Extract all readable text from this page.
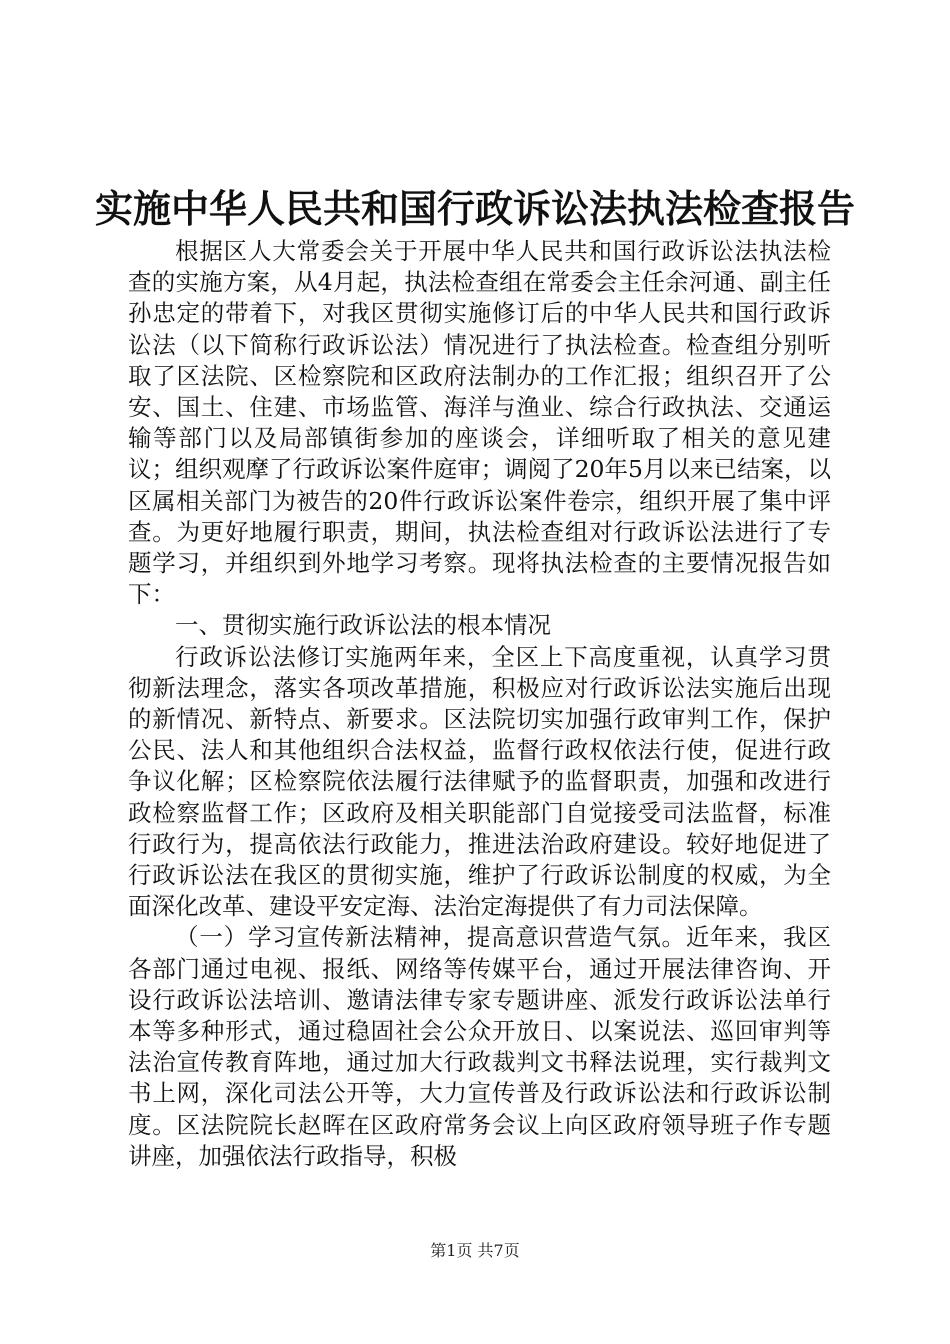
实施中华人民共和国行政诉讼法执法检查报告

根据区人大常委会关于开展中华人民共和国行政诉讼法执法检查的实施方案，从4月起，执法检查组在常委会主任余河通、副主任孙忠定的带着下，对我区贯彻实施修订后的中华人民共和国行政诉讼法（以下简称行政诉讼法）情况进行了执法检查。检查组分别听取了区法院、区检察院和区政府法制办的工作汇报；组织召开了公安、国土、住建、市场监管、海洋与渔业、综合行政执法、交通运输等部门以及局部镇街参加的座谈会，详细听取了相关的意见建议；组织观摩了行政诉讼案件庭审；调阅了20年5月以来已结案，以区属相关部门为被告的20件行政诉讼案件卷宗，组织开展了集中评查。为更好地履行职责，期间，执法检查组对行政诉讼法进行了专题学习，并组织到外地学习考察。现将执法检查的主要情况报告如下：

一、贯彻实施行政诉讼法的根本情况

行政诉讼法修订实施两年来，全区上下高度重视，认真学习贯彻新法理念，落实各项改革措施，积极应对行政诉讼法实施后出现的新情况、新特点、新要求。区法院切实加强行政审判工作，保护公民、法人和其他组织合法权益，监督行政权依法行使，促进行政争议化解；区检察院依法履行法律赋予的监督职责，加强和改进行政检察监督工作；区政府及相关职能部门自觉接受司法监督，标准行政行为，提高依法行政能力，推进法治政府建设。较好地促进了行政诉讼法在我区的贯彻实施，维护了行政诉讼制度的权威，为全面深化改革、建设平安定海、法治定海提供了有力司法保障。

（一）学习宣传新法精神，提高意识营造气氛。近年来，我区各部门通过电视、报纸、网络等传媒平台，通过开展法律咨询、开设行政诉讼法培训、邀请法律专家专题讲座、派发行政诉讼法单行本等多种形式，通过稳固社会公众开放日、以案说法、巡回审判等法治宣传教育阵地，通过加大行政裁判文书释法说理，实行裁判文书上网，深化司法公开等，大力宣传普及行政诉讼法和行政诉讼制度。区法院院长赵晖在区政府常务会议上向区政府领导班子作专题讲座，加强依法行政指导，积极

第1页 共7页
